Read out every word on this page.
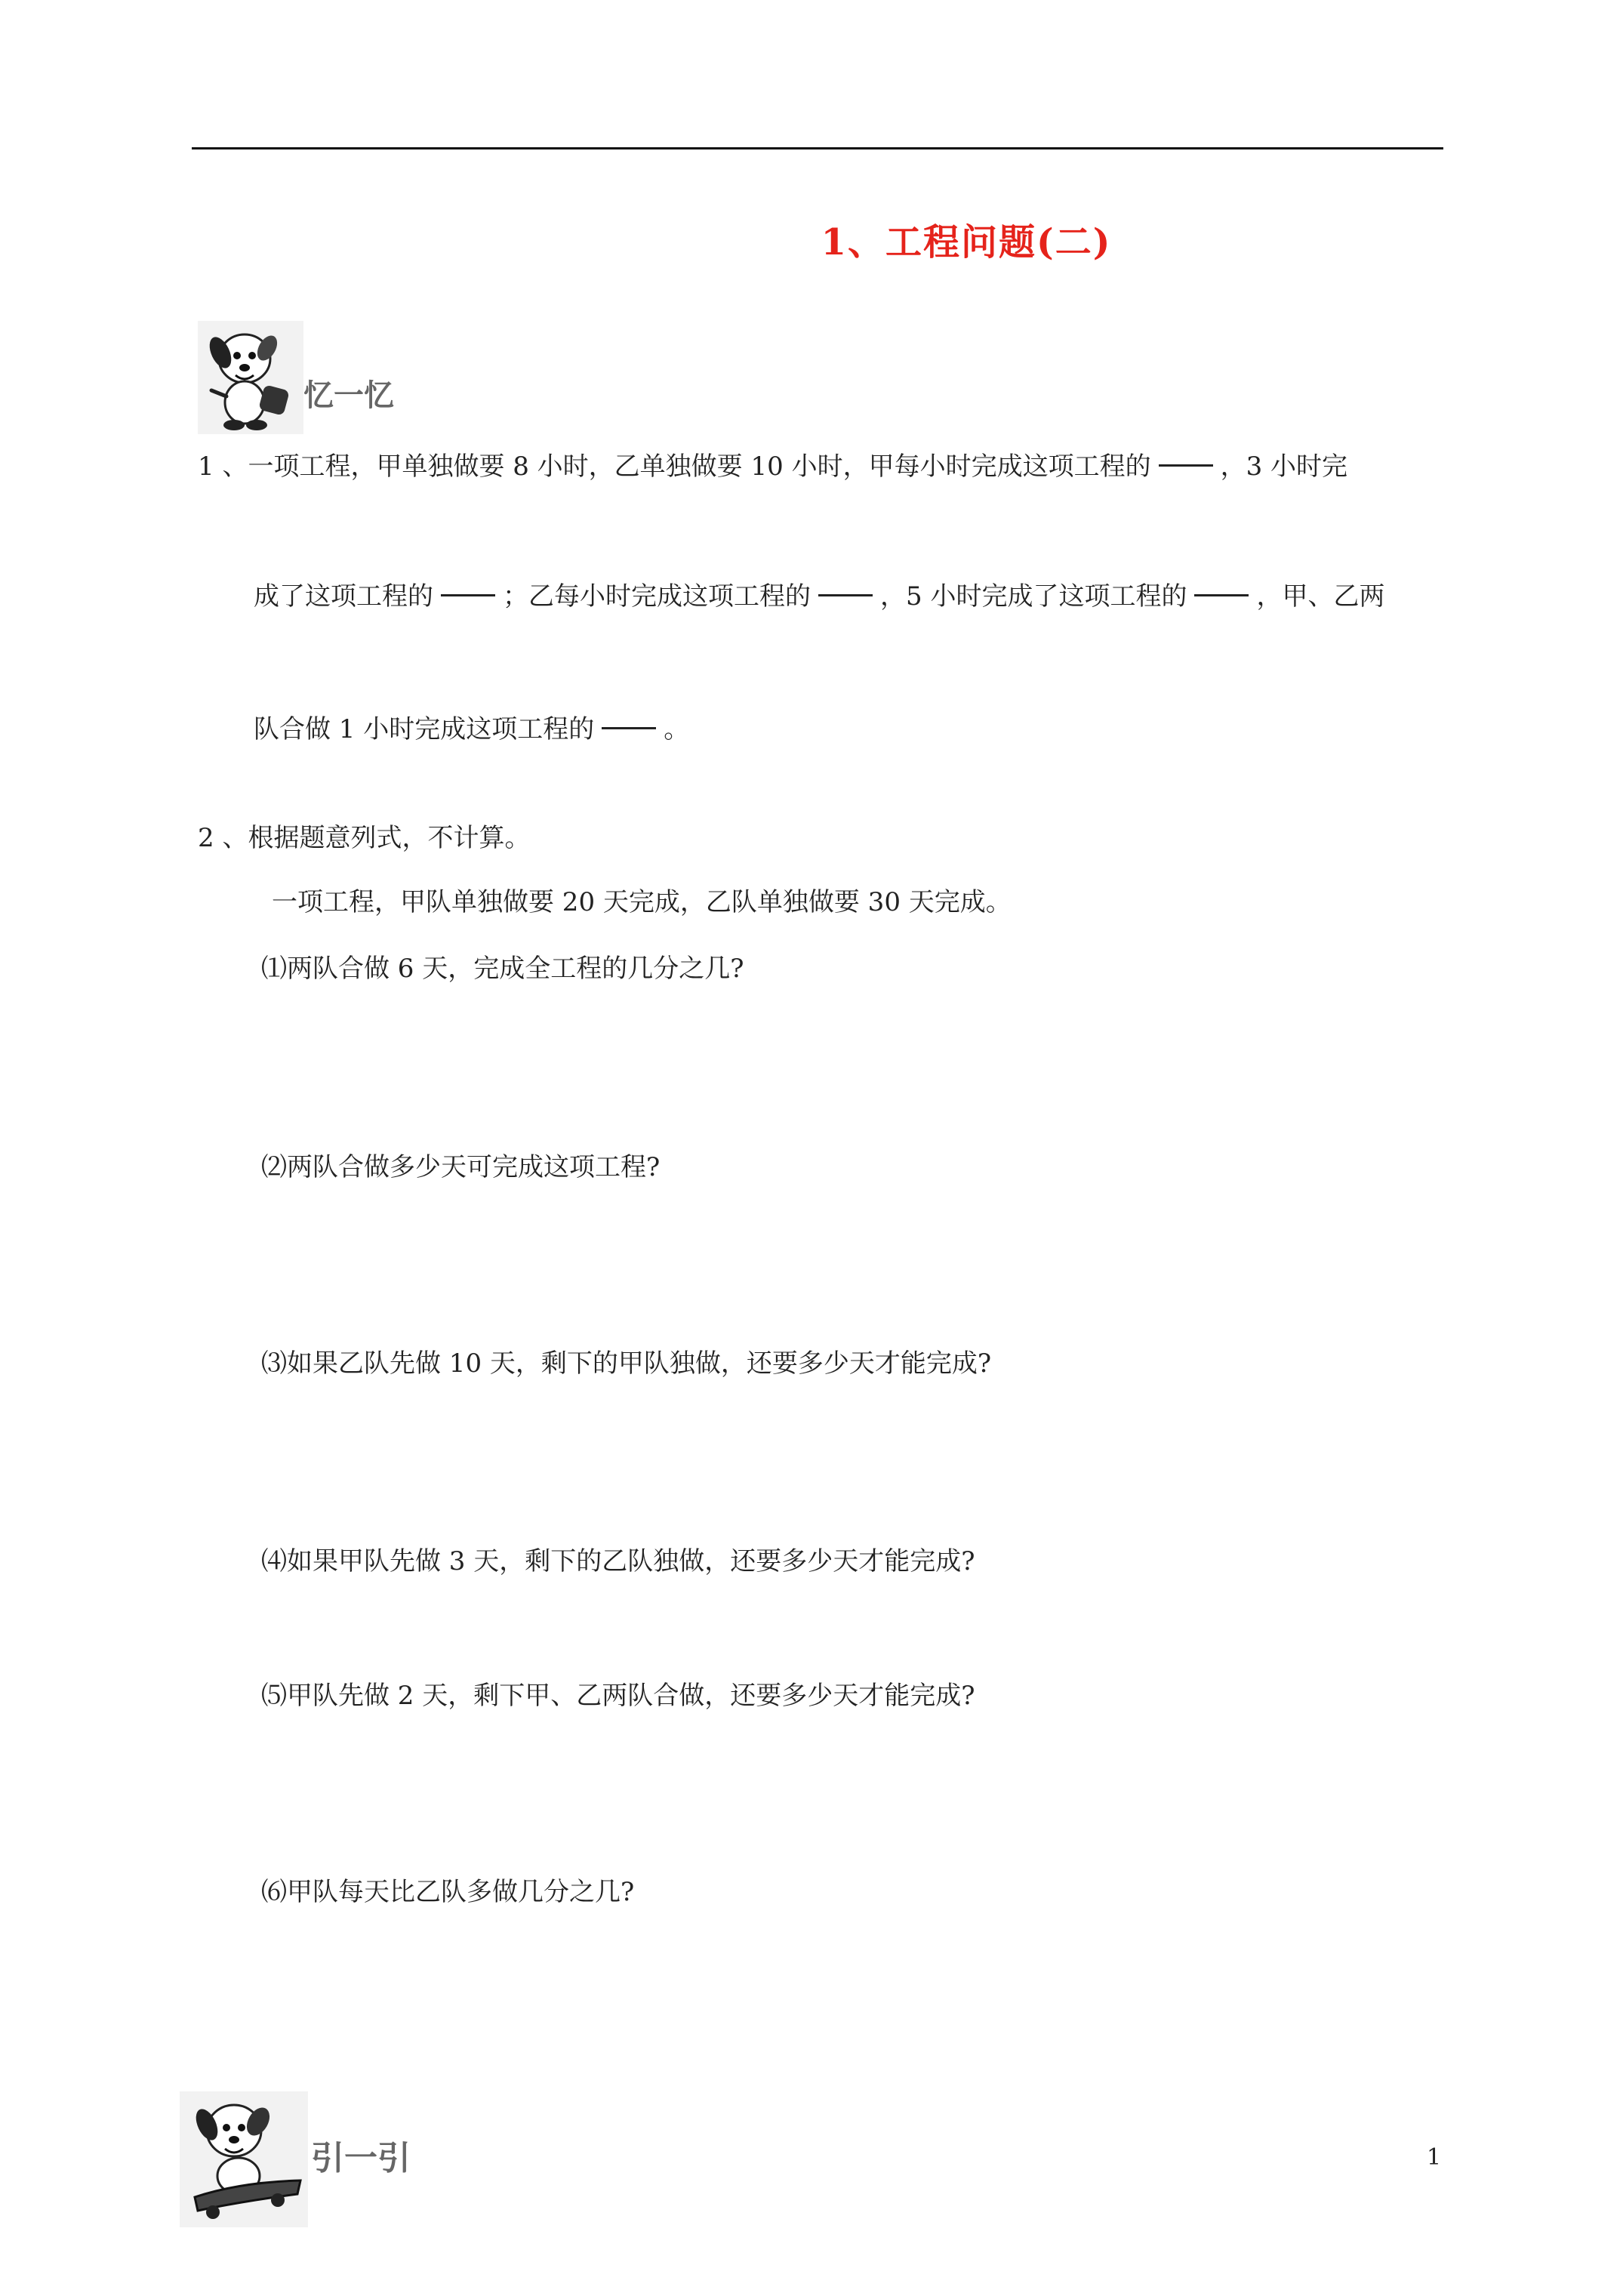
1、工程问题(二)
忆一忆
1 、一项工程，甲单独做要 8 小时，乙单独做要 10 小时，甲每小时完成这项工程的	，3 小时完
成了这项工程的	；乙每小时完成这项工程的	，5 小时完成了这项工程的	，甲、乙两
队合做 1 小时完成这项工程的	。
2 、根据题意列式，不计算。
一项工程，甲队单独做要 20 天完成，乙队单独做要 30 天完成。
⑴两队合做 6 天，完成全工程的几分之几?
⑵两队合做多少天可完成这项工程?
⑶如果乙队先做 10 天，剩下的甲队独做，还要多少天才能完成?
⑷如果甲队先做 3 天，剩下的乙队独做，还要多少天才能完成?
⑸甲队先做 2 天，剩下甲、乙两队合做，还要多少天才能完成?
⑹甲队每天比乙队多做几分之几?
引一引	1
